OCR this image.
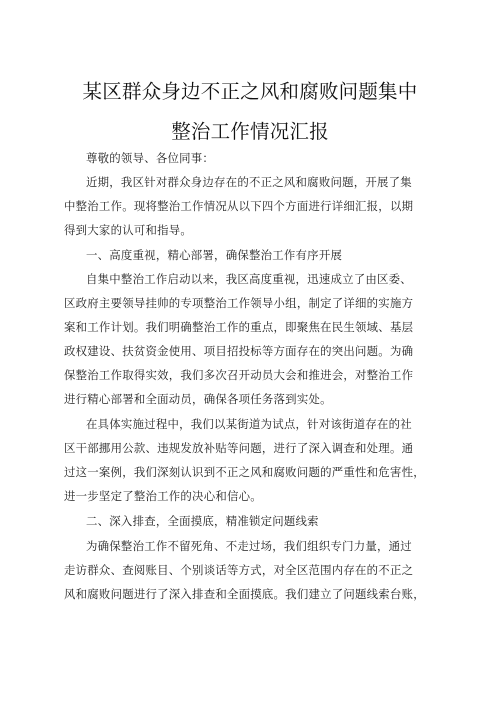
某区群众身边不正之风和腐败问题集中
整治工作情况汇报
尊敬的领导、各位同事：
近期，我区针对群众身边存在的不正之风和腐败问题，开展了集
中整治工作。现将整治工作情况从以下四个方面进行详细汇报，以期
得到大家的认可和指导。
一、高度重视，精心部署，确保整治工作有序开展
自集中整治工作启动以来，我区高度重视，迅速成立了由区委、
区政府主要领导挂帅的专项整治工作领导小组，制定了详细的实施方
案和工作计划。我们明确整治工作的重点，即聚焦在民生领域、基层
政权建设、扶贫资金使用、项目招投标等方面存在的突出问题。为确
保整治工作取得实效，我们多次召开动员大会和推进会，对整治工作
进行精心部署和全面动员，确保各项任务落到实处。
在具体实施过程中，我们以某街道为试点，针对该街道存在的社
区干部挪用公款、违规发放补贴等问题，进行了深入调查和处理。通
过这一案例，我们深刻认识到不正之风和腐败问题的严重性和危害性，
进一步坚定了整治工作的决心和信心。
二、深入排查，全面摸底，精准锁定问题线索
为确保整治工作不留死角、不走过场，我们组织专门力量，通过
走访群众、查阅账目、个别谈话等方式，对全区范围内存在的不正之
风和腐败问题进行了深入排查和全面摸底。我们建立了问题线索台账，
